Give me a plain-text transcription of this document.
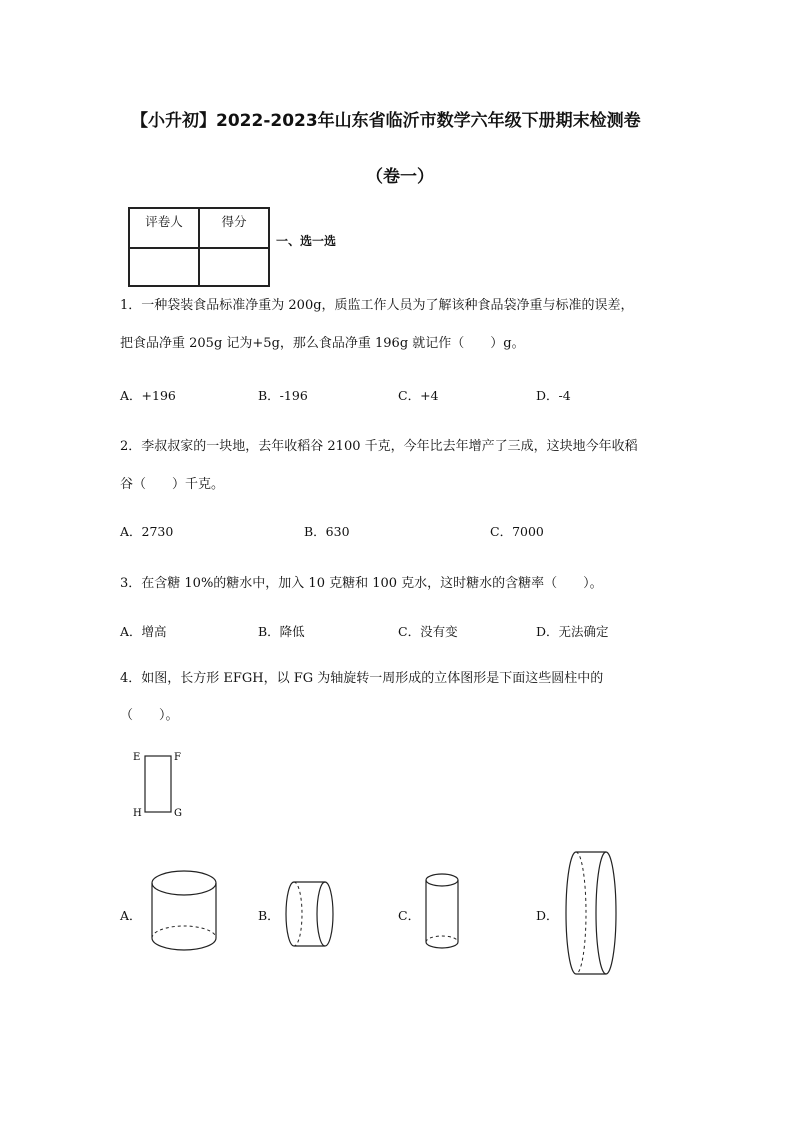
【小升初】2022-2023年山东省临沂市数学六年级下册期末检测卷
（卷一）
评卷人	得分

一、选一选
1．一种袋装食品标准净重为 200g，质监工作人员为了解该种食品袋净重与标准的误差，
把食品净重 205g 记为+5g，那么食品净重 196g 就记作（　　）g。
A．+196	B．-196	C．+4	D．-4
2．李叔叔家的一块地，去年收稻谷 2100 千克，今年比去年增产了三成，这块地今年收稻
谷（　　）千克。
A．2730	B．630	C．7000
3．在含糖 10%的糖水中，加入 10 克糖和 100 克水，这时糖水的含糖率（　　）。
A．增高	B．降低	C．没有变	D．无法确定
4．如图，长方形 EFGH，以 FG 为轴旋转一周形成的立体图形是下面这些圆柱中的
（　　）。
E	F
H	G
A．	B．	C．	D．
